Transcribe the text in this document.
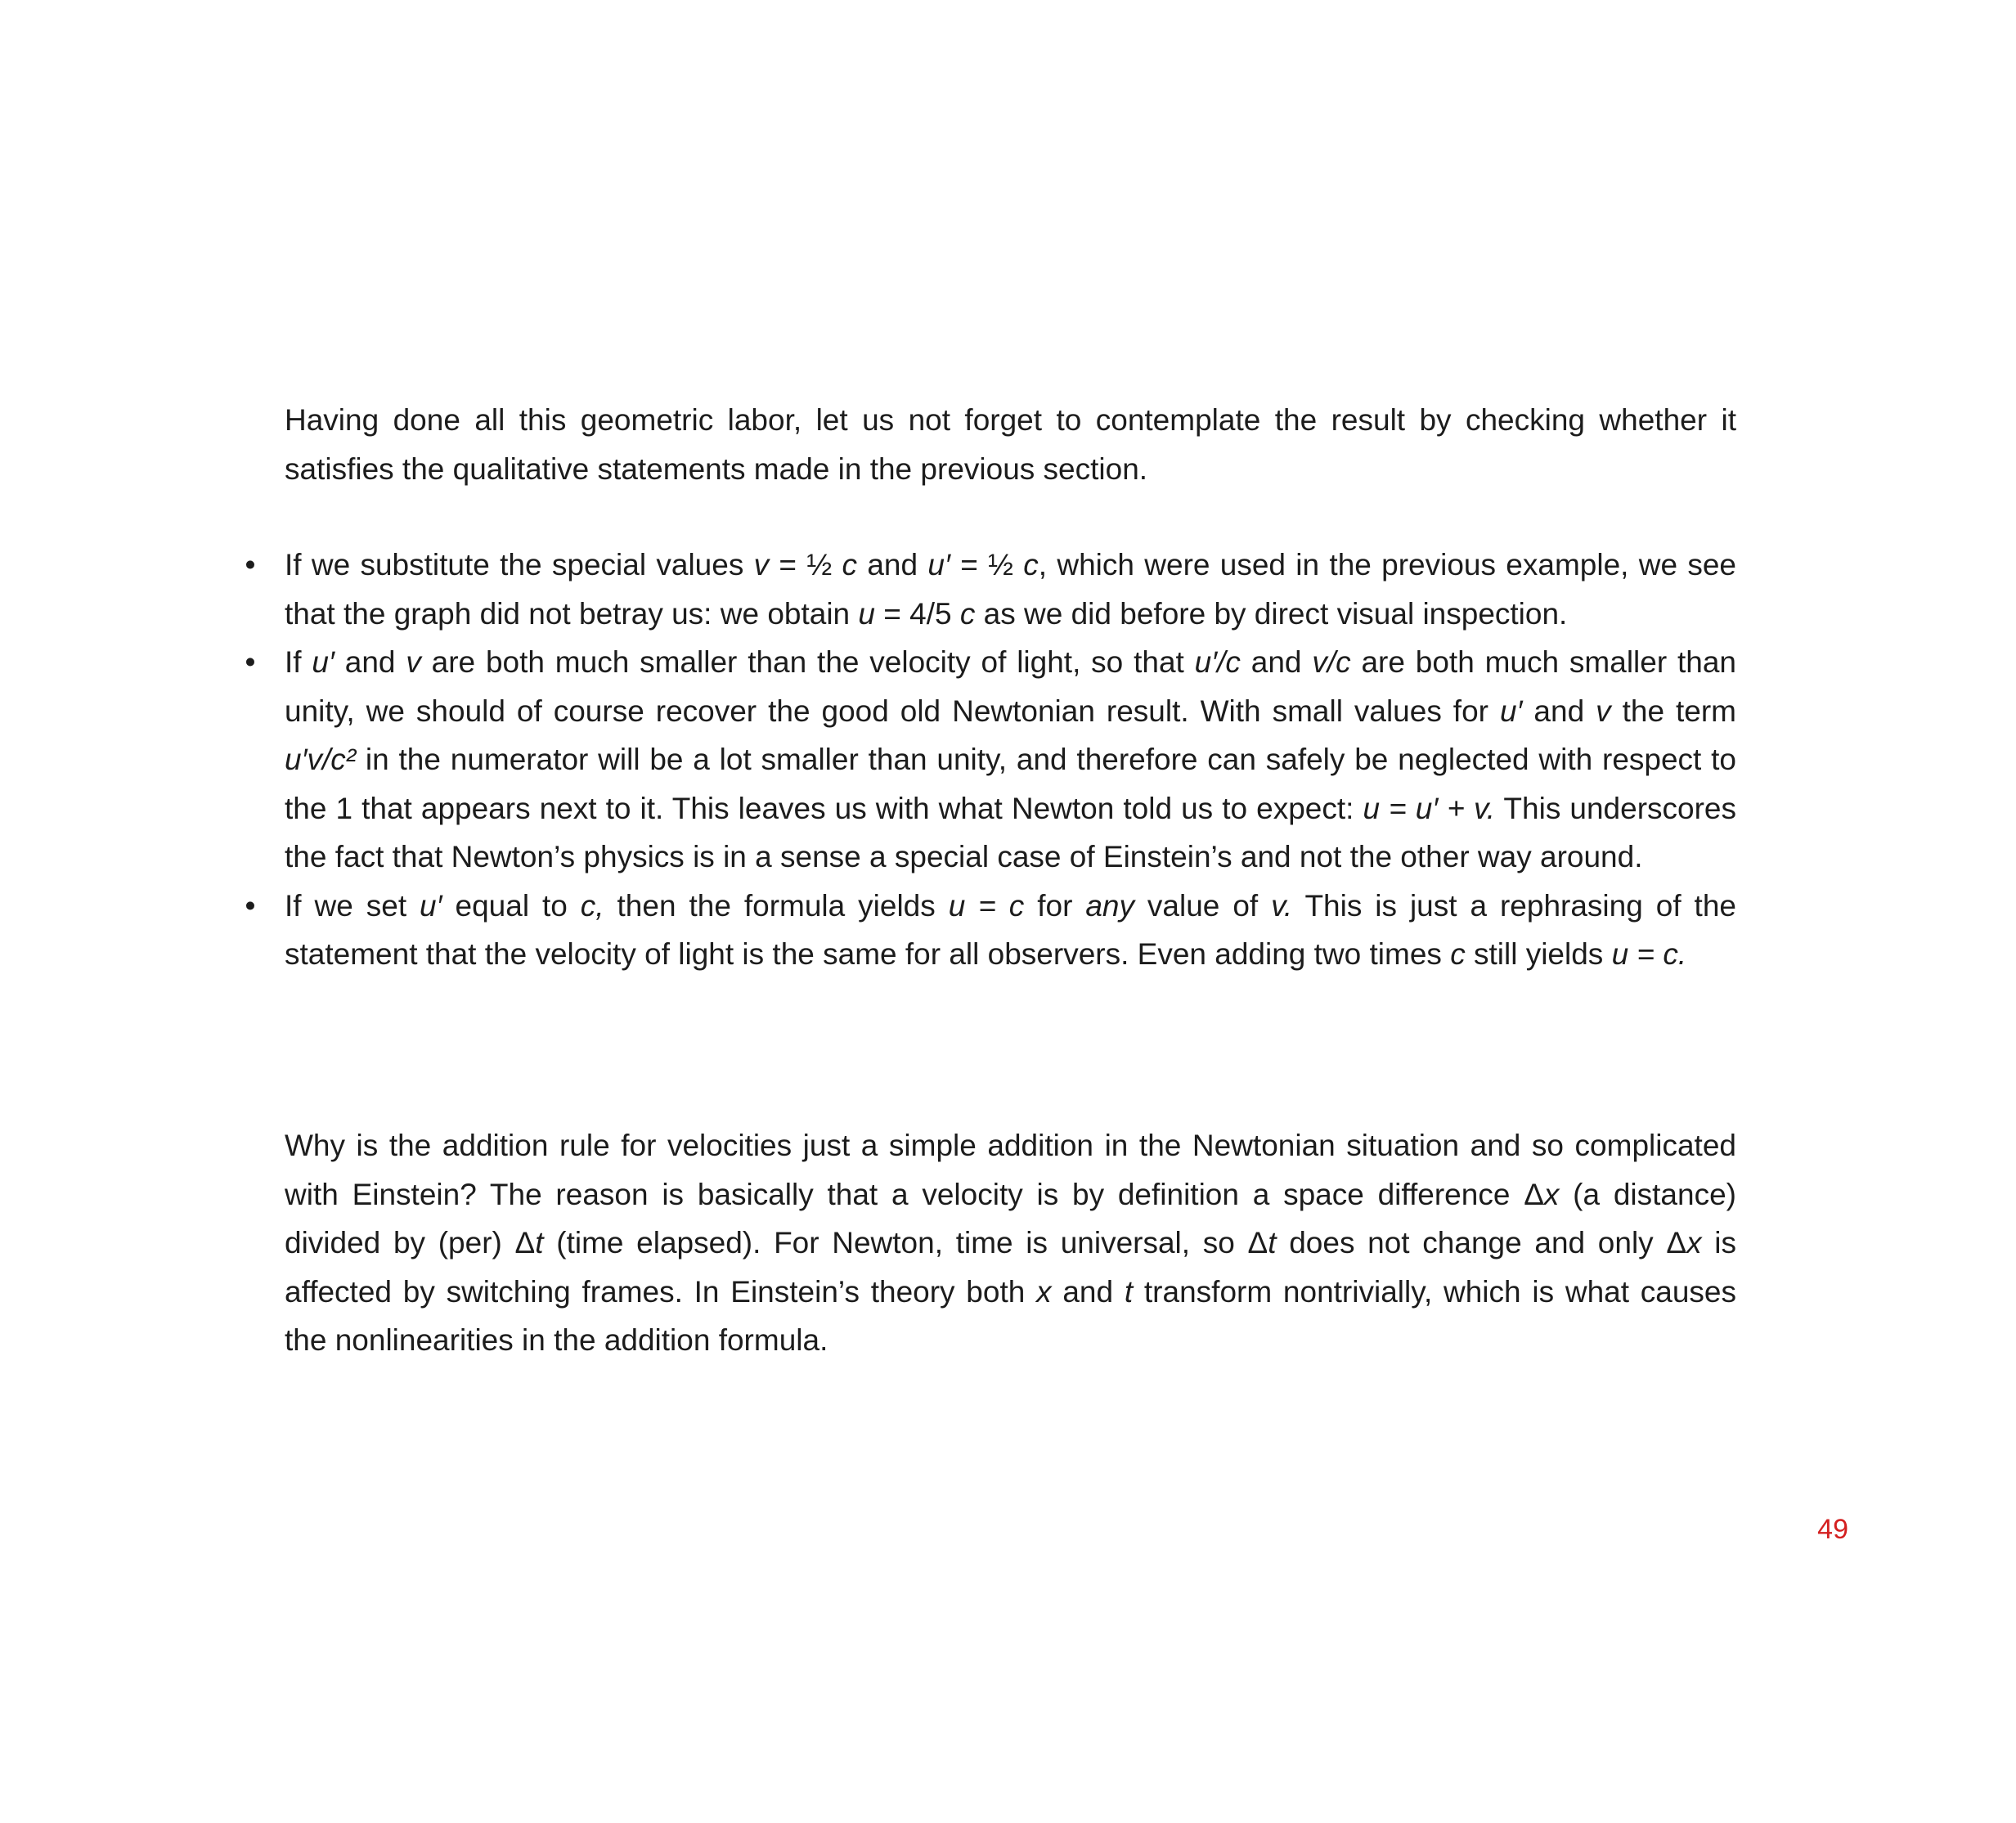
Having done all this geometric labor, let us not forget to contemplate the result by checking whether it satisfies the qualitative statements made in the previous section.

• If we substitute the special values v = ½ c and u′ = ½ c, which were used in the previous example, we see that the graph did not betray us: we obtain u = 4/5 c as we did before by direct visual inspection.
• If u′ and v are both much smaller than the velocity of light, so that u′/c and v/c are both much smaller than unity, we should of course recover the good old Newtonian result. With small values for u′ and v the term u′v/c² in the numerator will be a lot smaller than unity, and therefore can safely be neglected with respect to the 1 that appears next to it. This leaves us with what Newton told us to expect: u = u′ + v. This underscores the fact that Newton’s physics is in a sense a special case of Einstein’s and not the other way around.
• If we set u′ equal to c, then the formula yields u = c for any value of v. This is just a rephrasing of the statement that the velocity of light is the same for all observers. Even adding two times c still yields u = c.

Why is the addition rule for velocities just a simple addition in the Newtonian situation and so complicated with Einstein? The reason is basically that a velocity is by definition a space difference Δx (a distance) divided by (per) Δt (time elapsed). For Newton, time is universal, so Δt does not change and only Δx is affected by switching frames. In Einstein’s theory both x and t transform nontrivially, which is what causes the nonlinearities in the addition formula.

49
